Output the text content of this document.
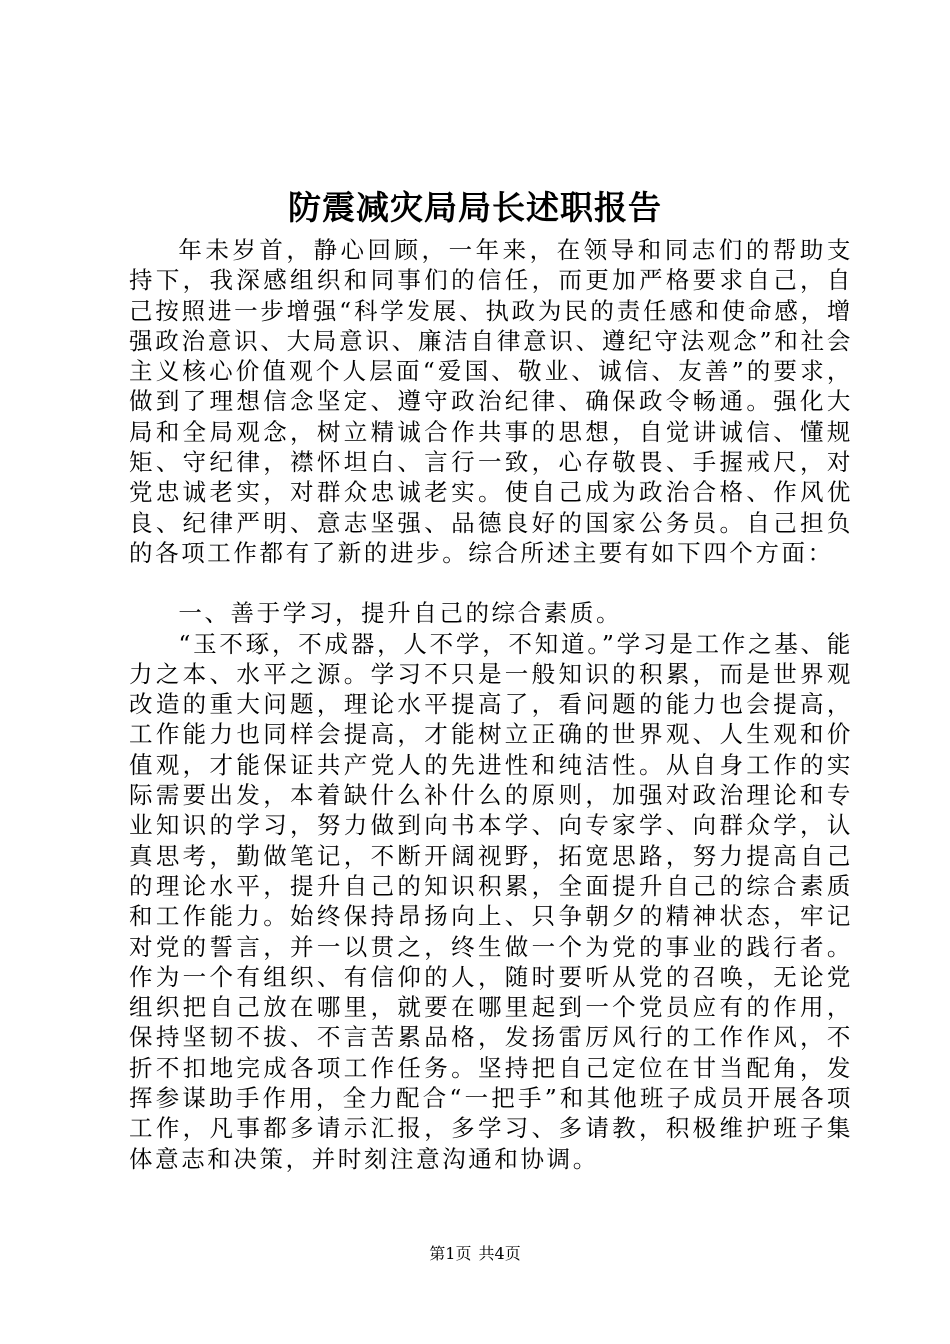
防震减灾局局长述职报告

年未岁首，静心回顾，一年来，在领导和同志们的帮助支持下，我深感组织和同事们的信任，而更加严格要求自己，自己按照进一步增强“科学发展、执政为民的责任感和使命感，增强政治意识、大局意识、廉洁自律意识、遵纪守法观念”和社会主义核心价值观个人层面“爱国、敬业、诚信、友善”的要求，做到了理想信念坚定、遵守政治纪律、确保政令畅通。强化大局和全局观念，树立精诚合作共事的思想，自觉讲诚信、懂规矩、守纪律，襟怀坦白、言行一致，心存敬畏、手握戒尺，对党忠诚老实，对群众忠诚老实。使自己成为政治合格、作风优良、纪律严明、意志坚强、品德良好的国家公务员。自己担负的各项工作都有了新的进步。综合所述主要有如下四个方面：

一、善于学习，提升自己的综合素质。

“玉不琢，不成器，人不学，不知道。”学习是工作之基、能力之本、水平之源。学习不只是一般知识的积累，而是世界观改造的重大问题，理论水平提高了，看问题的能力也会提高，工作能力也同样会提高，才能树立正确的世界观、人生观和价值观，才能保证共产党人的先进性和纯洁性。从自身工作的实际需要出发，本着缺什么补什么的原则，加强对政治理论和专业知识的学习，努力做到向书本学、向专家学、向群众学，认真思考，勤做笔记，不断开阔视野，拓宽思路，努力提高自己的理论水平，提升自己的知识积累，全面提升自己的综合素质和工作能力。始终保持昂扬向上、只争朝夕的精神状态，牢记对党的誓言，并一以贯之，终生做一个为党的事业的践行者。作为一个有组织、有信仰的人，随时要听从党的召唤，无论党组织把自己放在哪里，就要在哪里起到一个党员应有的作用，保持坚韧不拔、不言苦累品格，发扬雷厉风行的工作作风，不折不扣地完成各项工作任务。坚持把自己定位在甘当配角，发挥参谋助手作用，全力配合“一把手”和其他班子成员开展各项工作，凡事都多请示汇报，多学习、多请教，积极维护班子集体意志和决策，并时刻注意沟通和协调。

第1页 共4页
